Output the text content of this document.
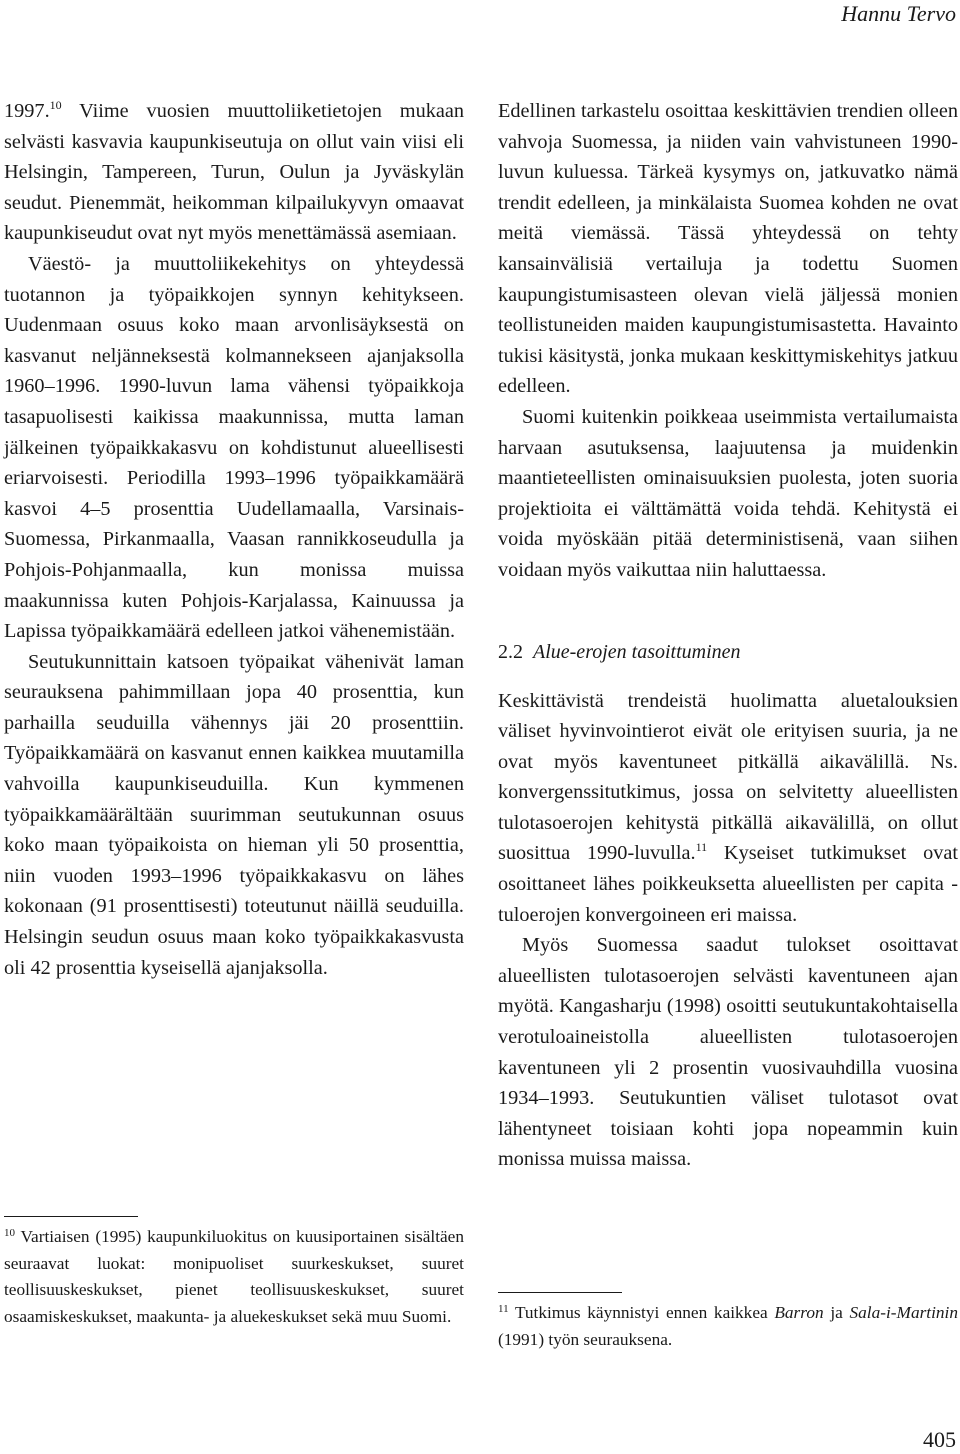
Hannu Tervo

1997.10 Viime vuosien muuttoliiketietojen mukaan selvästi kasvavia kaupunkiseutuja on ollut vain viisi eli Helsingin, Tampereen, Turun, Oulun ja Jyväskylän seudut. Pienemmät, heikomman kilpailukyvyn omaavat kaupunkiseudut ovat nyt myös menettämässä asemiaan.

Väestö- ja muuttoliikekehitys on yhteydessä tuotannon ja työpaikkojen synnyn kehitykseen. Uudenmaan osuus koko maan arvonlisäyksestä on kasvanut neljänneksestä kolmannekseen ajanjaksolla 1960–1996. 1990-luvun lama vähensi työpaikkoja tasapuolisesti kaikissa maakunnissa, mutta laman jälkeinen työpaikkakasvu on kohdistunut alueellisesti eriarvoisesti. Periodilla 1993–1996 työpaikkamäärä kasvoi 4–5 prosenttia Uudellamaalla, Varsinais-Suomessa, Pirkanmaalla, Vaasan rannikkoseudulla ja Pohjois-Pohjanmaalla, kun monissa muissa maakunnissa kuten Pohjois-Karjalassa, Kainuussa ja Lapissa työpaikkamäärä edelleen jatkoi vähenemistään.

Seutukunnittain katsoen työpaikat vähenivät laman seurauksena pahimmillaan jopa 40 prosenttia, kun parhailla seuduilla vähennys jäi 20 prosenttiin. Työpaikkamäärä on kasvanut ennen kaikkea muutamilla vahvoilla kaupunkiseuduilla. Kun kymmenen työpaikkamäärältään suurimman seutukunnan osuus koko maan työpaikoista on hieman yli 50 prosenttia, niin vuoden 1993–1996 työpaikkakasvu on lähes kokonaan (91 prosenttisesti) toteutunut näillä seuduilla. Helsingin seudun osuus maan koko työpaikkakasvusta oli 42 prosenttia kyseisellä ajanjaksolla.

$^{10}$ Vartiaisen (1995) kaupunkiluokitus on kuusiportainen sisältäen seuraavat luokat: monipuoliset suurkeskukset, suuret teollisuuskeskukset, pienet teollisuuskeskukset, suuret osaamiskeskukset, maakunta- ja aluekeskukset sekä muu Suomi.

Edellinen tarkastelu osoittaa keskittävien trendien olleen vahvoja Suomessa, ja niiden vain vahvistuneen 1990-luvun kuluessa. Tärkeä kysymys on, jatkuvatko nämä trendit edelleen, ja minkälaista Suomea kohden ne ovat meitä viemässä. Tässä yhteydessä on tehty kansainvälisiä vertailuja ja todettu Suomen kaupungistumisasteen olevan vielä jäljessä monien teollistuneiden maiden kaupungistumisastetta. Havainto tukisi käsitystä, jonka mukaan keskittymiskehitys jatkuu edelleen.

Suomi kuitenkin poikkeaa useimmista vertailumaista harvaan asutuksensa, laajuutensa ja muidenkin maantieteellisten ominaisuuksien puolesta, joten suoria projektioita ei välttämättä voida tehdä. Kehitystä ei voida myöskään pitää deterministisenä, vaan siihen voidaan myös vaikuttaa niin haluttaessa.

2.2 Alue-erojen tasoittuminen

Keskittävistä trendeistä huolimatta aluetalouksien väliset hyvinvointierot eivät ole erityisen suuria, ja ne ovat myös kaventuneet pitkällä aikavälillä. Ns. konvergenssitutkimus, jossa on selvitetty alueellisten tulotasoerojen kehitystä pitkällä aikavälillä, on ollut suosittua 1990-luvulla.$^{11}$ Kyseiset tutkimukset ovat osoittaneet lähes poikkeuksetta alueellisten per capita -tuloerojen konvergoineen eri maissa.

Myös Suomessa saadut tulokset osoittavat alueellisten tulotasoerojen selvästi kaventuneen ajan myötä. Kangasharju (1998) osoitti seutukuntakohtaisella verotuloaineistolla alueellisten tulotasoerojen kaventuneen yli 2 prosentin vuosivauhdilla vuosina 1934–1993. Seutukuntien väliset tulotasot ovat lähentyneet toisiaan kohti jopa nopeammin kuin monissa muissa maissa.

$^{11}$ Tutkimus käynnistyi ennen kaikkea Barron ja Sala-i-Martinin (1991) työn seurauksena.
405
